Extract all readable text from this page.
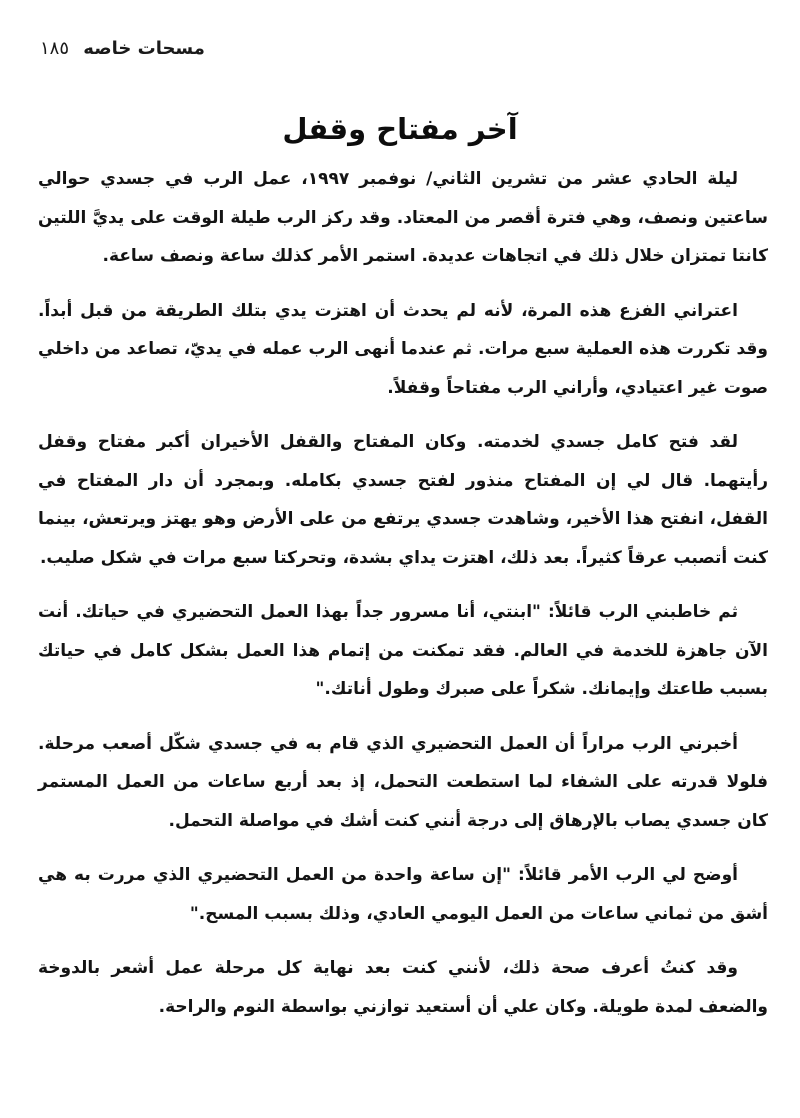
مسحات خاصه ١٨٥
آخر مفتاح وقفل

ليلة الحادي عشر من تشرين الثاني/ نوفمبر ١٩٩٧، عمل الرب في جسدي حوالي ساعتين ونصف، وهي فترة أقصر من المعتاد. وقد ركز الرب طيلة الوقت على يديَّ اللتين كانتا تمتزان خلال ذلك في اتجاهات عديدة. استمر الأمر كذلك ساعة ونصف ساعة.

اعتراني الفزع هذه المرة، لأنه لم يحدث أن اهتزت يدي بتلك الطريقة من قبل أبداً. وقد تكررت هذه العملية سبع مرات. ثم عندما أنهى الرب عمله في يديّ، تصاعد من داخلي صوت غير اعتيادي، وأراني الرب مفتاحاً وقفلاً.

لقد فتح كامل جسدي لخدمته. وكان المفتاح والقفل الأخيران أكبر مفتاح وقفل رأيتهما. قال لي إن المفتاح منذور لفتح جسدي بكامله. وبمجرد أن دار المفتاح في القفل، انفتح هذا الأخير، وشاهدت جسدي يرتفع من على الأرض وهو يهتز ويرتعش، بينما كنت أتصبب عرقاً كثيراً. بعد ذلك، اهتزت يداي بشدة، وتحركتا سبع مرات في شكل صليب.

ثم خاطبني الرب قائلاً: "ابنتي، أنا مسرور جداً بهذا العمل التحضيري في حياتك. أنت الآن جاهزة للخدمة في العالم. فقد تمكنت من إتمام هذا العمل بشكل كامل في حياتك بسبب طاعتك وإيمانك. شكراً على صبرك وطول أناتك."

أخبرني الرب مراراً أن العمل التحضيري الذي قام به في جسدي شكّل أصعب مرحلة. فلولا قدرته على الشفاء لما استطعت التحمل، إذ بعد أربع ساعات من العمل المستمر كان جسدي يصاب بالإرهاق إلى درجة أنني كنت أشك في مواصلة التحمل.

أوضح لي الرب الأمر قائلاً: "إن ساعة واحدة من العمل التحضيري الذي مررت به هي أشق من ثماني ساعات من العمل اليومي العادي، وذلك بسبب المسح."

وقد كنتُ أعرف صحة ذلك، لأنني كنت بعد نهاية كل مرحلة عمل أشعر بالدوخة والضعف لمدة طويلة. وكان علي أن أستعيد توازني بواسطة النوم والراحة.
